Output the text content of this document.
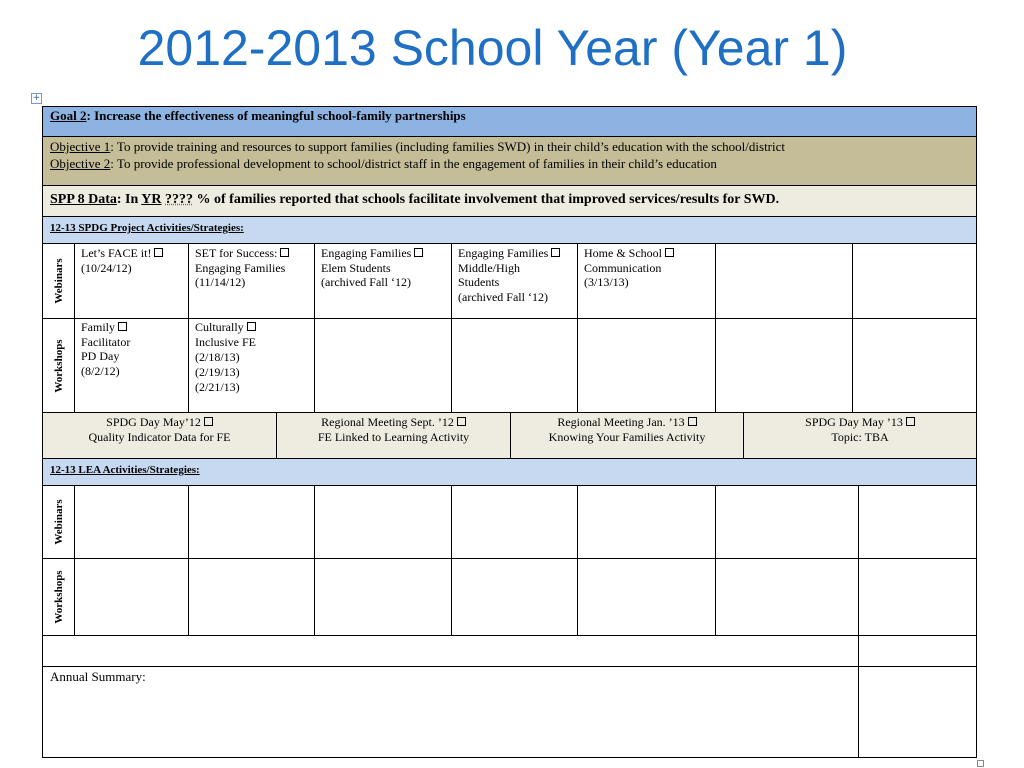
2012-2013 School Year (Year 1)
+
Goal 2: Increase the effectiveness of meaningful school-family partnerships
Objective 1: To provide training and resources to support families (including families SWD) in their child’s education with the school/district
Objective 2: To provide professional development to school/district staff in the engagement of families in their child’s education
SPP 8 Data: In YR ???? % of families reported that schools facilitate involvement that improved services/results for SWD.
12-13 SPDG Project Activities/Strategies:
Webinars
Let’s FACE it!
(10/24/12)
SET for Success:
Engaging Families
(11/14/12)
Engaging Families
Elem Students
(archived Fall ‘12)
Engaging Families
Middle/High
Students
(archived Fall ‘12)
Home & School
Communication
(3/13/13)
Workshops
Family
Facilitator
PD Day
(8/2/12)
Culturally
Inclusive FE
(2/18/13)
(2/19/13)
(2/21/13)
SPDG Day May’12
Quality Indicator Data for FE
Regional Meeting Sept. ’12
FE Linked to Learning Activity
Regional Meeting Jan. ’13
Knowing Your Families Activity
SPDG Day May ’13
Topic: TBA
12-13 LEA Activities/Strategies:
Webinars
Workshops
Annual Summary:
